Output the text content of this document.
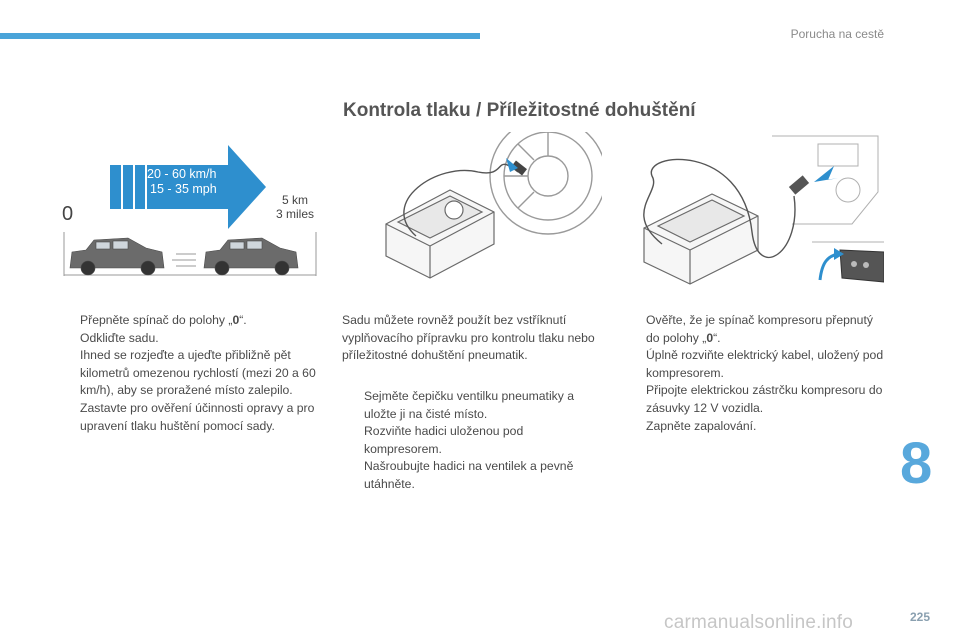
Porucha na cestě
Kontrola tlaku / Příležitostné dohuštění
20 - 60 km/h
15 - 35 mph
0
5 km
3 miles
Přepněte spínač do polohy „0“.
Odkliďte sadu.
Ihned se rozjeďte a ujeďte přibližně pět kilometrů omezenou rychlostí (mezi 20 a 60 km/h), aby se proražené místo zalepilo.
Zastavte pro ověření účinnosti opravy a pro upravení tlaku huštění pomocí sady.

Sadu můžete rovněž použít bez vstříknutí vyplňovacího přípravku pro kontrolu tlaku nebo příležitostné dohuštění pneumatik.

Sejměte čepičku ventilku pneumatiky a uložte ji na čisté místo.
Rozviňte hadici uloženou pod kompresorem.
Našroubujte hadici na ventilek a pevně utáhněte.
Ověřte, že je spínač kompresoru přepnutý do polohy „0“.
Úplně rozviňte elektrický kabel, uložený pod kompresorem.
Připojte elektrickou zástrčku kompresoru do zásuvky 12 V vozidla.
Zapněte zapalování.
8
carmanualsonline.info	225
